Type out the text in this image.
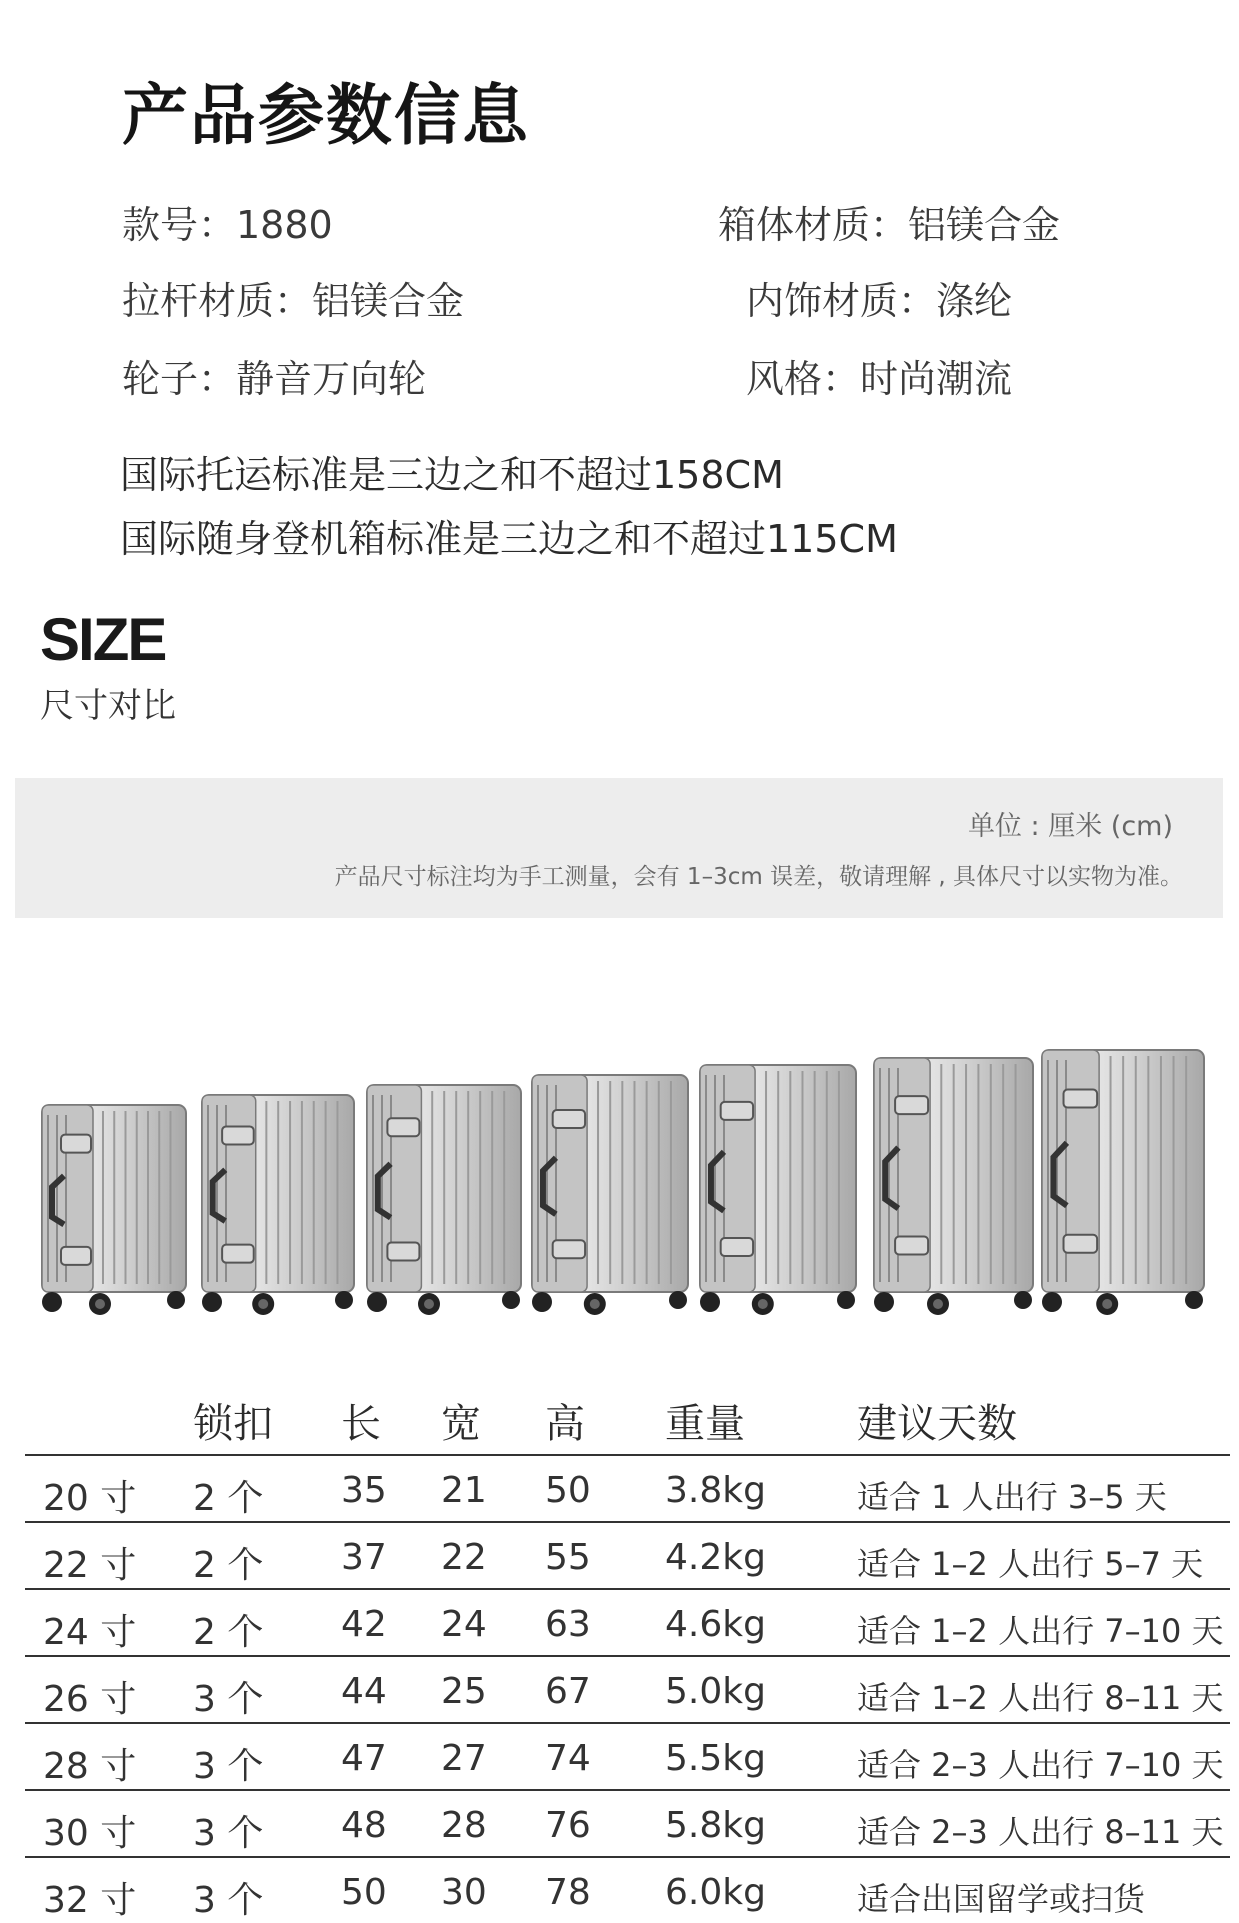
产品参数信息
款号：1880	箱体材质：铝镁合金
拉杆材质：铝镁合金	内饰材质：涤纶
轮子：静音万向轮	风格：时尚潮流
国际托运标准是三边之和不超过158CM
国际随身登机箱标准是三边之和不超过115CM
SIZE
尺寸对比
单位 : 厘米 (cm)
产品尺寸标注均为手工测量，会有 1–3cm 误差，敬请理解 , 具体尺寸以实物为准。
锁扣 长 宽 高 重量	建议天数
20 寸 2 个 35 21 50 3.8kg	适合 1 人出行 3–5 天
22 寸 2 个 37 22 55 4.2kg	适合 1–2 人出行 5–7 天
24 寸 2 个 42 24 63 4.6kg	适合 1–2 人出行 7–10 天
26 寸 3 个 44 25 67 5.0kg	适合 1–2 人出行 8–11 天
28 寸 3 个 47 27 74 5.5kg	适合 2–3 人出行 7–10 天
30 寸 3 个 48 28 76 5.8kg	适合 2–3 人出行 8–11 天
32 寸 3 个 50 30 78 6.0kg	适合出国留学或扫货
